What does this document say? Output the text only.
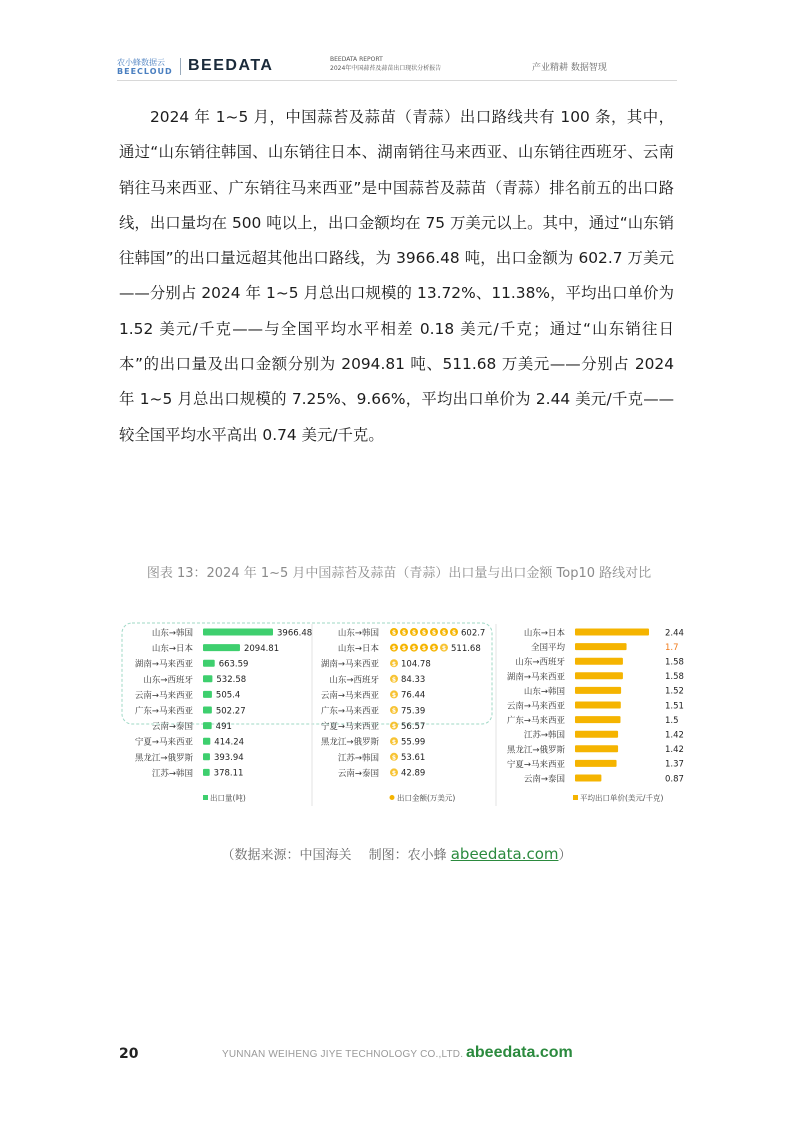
农小蜂数据云
BEECLOUD BEEDATA	BEEDATA REPORT
2024年中国蒜苔及蒜苗出口现状分析报告	产业精耕 数据智现

2024 年 1~5 月，中国蒜苔及蒜苗（青蒜）出口路线共有 100 条，其中，通过“山东销往韩国、山东销往日本、湖南销往马来西亚、山东销往西班牙、云南销往马来西亚、广东销往马来西亚”是中国蒜苔及蒜苗（青蒜）排名前五的出口路线，出口量均在 500 吨以上，出口金额均在 75 万美元以上。其中，通过“山东销往韩国”的出口量远超其他出口路线，为 3966.48 吨，出口金额为 602.7 万美元——分别占 2024 年 1~5 月总出口规模的 13.72%、11.38%，平均出口单价为 1.52 美元/千克——与全国平均水平相差 0.18 美元/千克；通过“山东销往日本”的出口量及出口金额分别为 2094.81 吨、511.68 万美元——分别占 2024 年 1~5 月总出口规模的 7.25%、9.66%，平均出口单价为 2.44 美元/千克——较全国平均水平高出 0.74 美元/千克。

图表 13：2024 年 1~5 月中国蒜苔及蒜苗（青蒜）出口量与出口金额 Top10 路线对比
山东→韩国	3966.48
山东→日本	2094.81
湖南→马来西亚	663.59
山东→西班牙	532.58
云南→马来西亚	505.4
广东→马来西亚	502.27
云南→泰国	491
宁夏→马来西亚	414.24
黑龙江→俄罗斯 393.94
江苏→韩国 378.11
出口量(吨)
山东→韩国 $ $ $ $ $ $ $ 602.7
山东→日本 $ $ $ $ $ $ 511.68
湖南→马来西亚 $ 104.78
山东→西班牙 $ 84.33
云南→马来西亚 $ 76.44
广东→马来西亚 $ 75.39
宁夏→马来西亚 $ 56.57
黑龙江→俄罗斯 $ 55.99
江苏→韩国 $ 53.61
云南→泰国 $ 42.89
出口金额(万美元)
山东→日本	2.44
全国平均	1.7
山东→西班牙	1.58
湖南→马来西亚	1.58
山东→韩国	1.52
云南→马来西亚	1.51
广东→马来西亚	1.5
江苏→韩国	1.42
黑龙江→俄罗斯	1.42
宁夏→马来西亚	1.37
云南→泰国	0.87
平均出口单价(美元/千克)
（数据来源：中国海关　 制图：农小蜂 abeedata.com）
20	YUNNAN WEIHENG JIYE TECHNOLOGY CO.,LTD. abeedata.com
